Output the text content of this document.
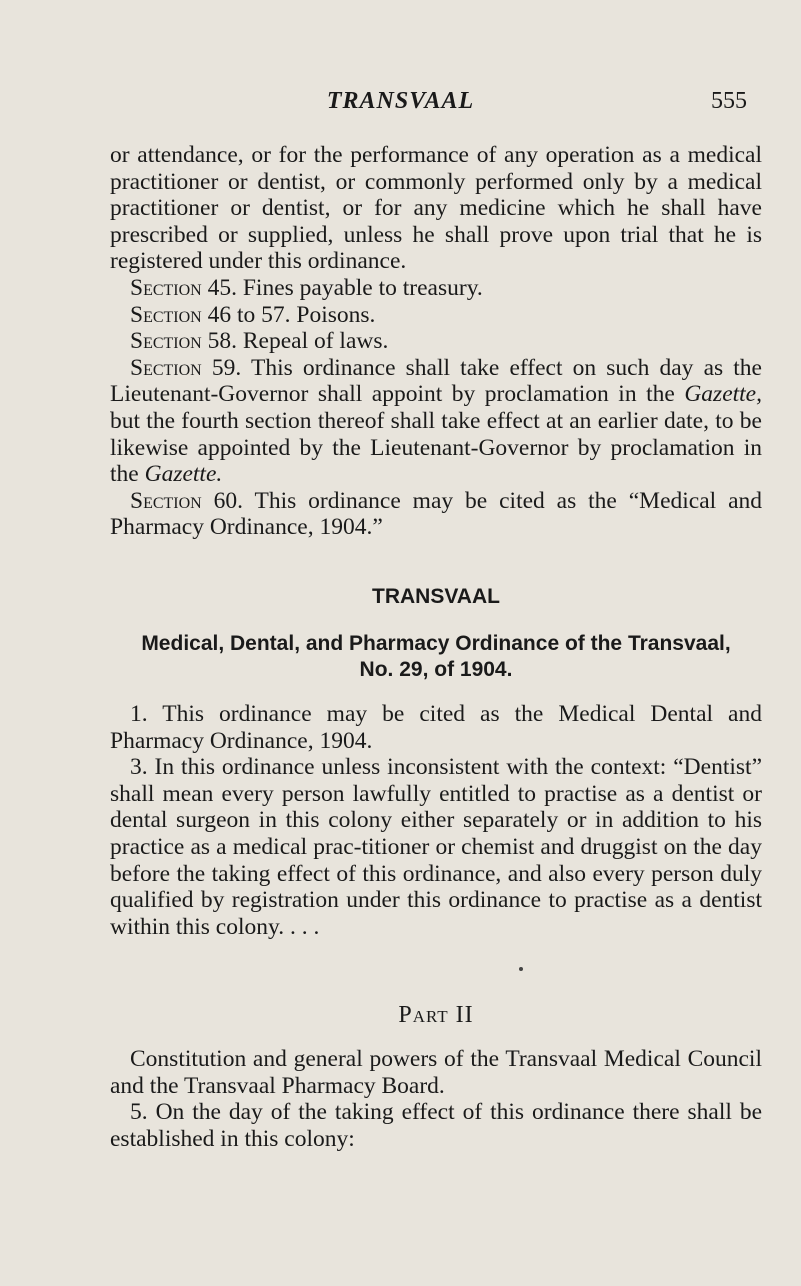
TRANSVAAL	555

or attendance, or for the performance of any operation as a medical practitioner or dentist, or commonly performed only by a medical practitioner or dentist, or for any medicine which he shall have prescribed or supplied, unless he shall prove upon trial that he is registered under this ordinance.

Section 45. Fines payable to treasury.

Section 46 to 57. Poisons.

Section 58. Repeal of laws.

Section 59. This ordinance shall take effect on such day as the Lieutenant-Governor shall appoint by proclamation in the Gazette, but the fourth section thereof shall take effect at an earlier date, to be likewise appointed by the Lieutenant-Governor by proclamation in the Gazette.

Section 60. This ordinance may be cited as the “Medical and Pharmacy Ordinance, 1904.”

TRANSVAAL
Medical, Dental, and Pharmacy Ordinance of the Transvaal,
No. 29, of 1904.

1. This ordinance may be cited as the Medical Dental and Pharmacy Ordinance, 1904.

3. In this ordinance unless inconsistent with the context: “Dentist” shall mean every person lawfully entitled to practise as a dentist or dental surgeon in this colony either separately or in addition to his practice as a medical prac-titioner or chemist and druggist on the day before the taking effect of this ordinance, and also every person duly qualified by registration under this ordinance to practise as a dentist within this colony. . . .

Part II

Constitution and general powers of the Transvaal Medical Council and the Transvaal Pharmacy Board.

5. On the day of the taking effect of this ordinance there shall be established in this colony:
